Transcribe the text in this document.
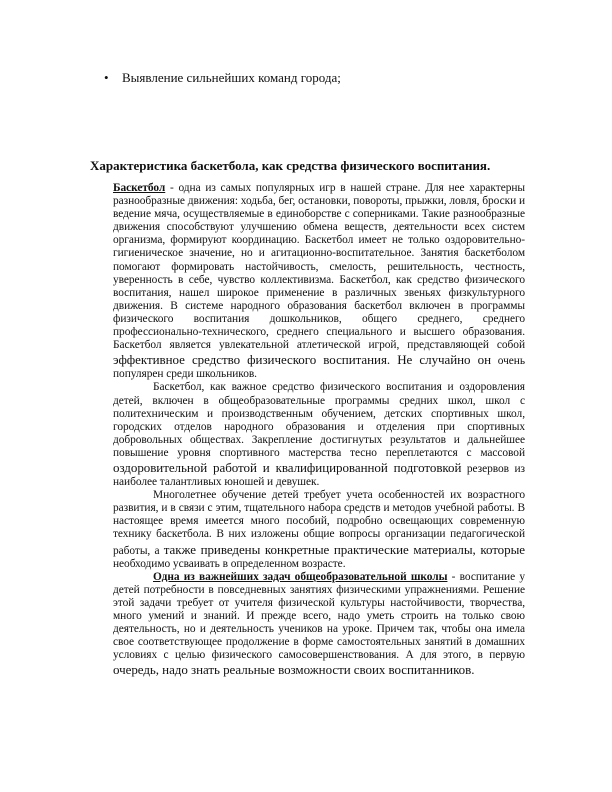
• Выявление сильнейших команд города;
Характеристика баскетбола, как средства физического воспитания.

Баскетбол - одна из самых популярных игр в нашей стране. Для нее характерны разнообразные движения: ходьба, бег, остановки, повороты, прыжки, ловля, броски и ведение мяча, осуществляемые в единоборстве с соперниками. Такие разнообразные движения способствуют улучшению обмена веществ, деятельности всех систем организма, формируют координацию. Баскетбол имеет не только оздоровительно-гигиеническое значение, но и агитационно-воспитательное. Занятия баскетболом помогают формировать настойчивость, смелость, решительность, честность, уверенность в себе, чувство коллективизма. Баскетбол, как средство физического воспитания, нашел широкое применение в различных звеньях физкультурного движения. В системе народного образования баскетбол включен в программы физического воспитания дошкольников, общего среднего, среднего профессионально-технического, среднего специального и высшего образования. Баскетбол является увлекательной атлетической игрой, представляющей собой эффективное средство физического воспитания. Не случайно он очень популярен среди школьников.

Баскетбол, как важное средство физического воспитания и оздоровления детей, включен в общеобразовательные программы средних школ, школ с политехническим и производственным обучением, детских спортивных школ, городских отделов народного образования и отделения при спортивных добровольных обществах. Закрепление достигнутых результатов и дальнейшее повышение уровня спортивного мастерства тесно переплетаются с массовой оздоровительной работой и квалифицированной подготовкой резервов из наиболее талантливых юношей и девушек.

Многолетнее обучение детей требует учета особенностей их возрастного развития, и в связи с этим, тщательного набора средств и методов учебной работы. В настоящее время имеется много пособий, подробно освещающих современную технику баскетбола. В них изложены общие вопросы организации педагогической работы, а также приведены конкретные практические материалы, которые необходимо усваивать в определенном возрасте.

Одна из важнейших задач общеобразовательной школы - воспитание у детей потребности в повседневных занятиях физическими упражнениями. Решение этой задачи требует от учителя физической культуры настойчивости, творчества, много умений и знаний. И прежде всего, надо уметь строить на только свою деятельность, но и деятельность учеников на уроке. Причем так, чтобы она имела свое соответствующее продолжение в форме самостоятельных занятий в домашних условиях с целью физического самосовершенствования. А для этого, в первую очередь, надо знать реальные возможности своих воспитанников.
